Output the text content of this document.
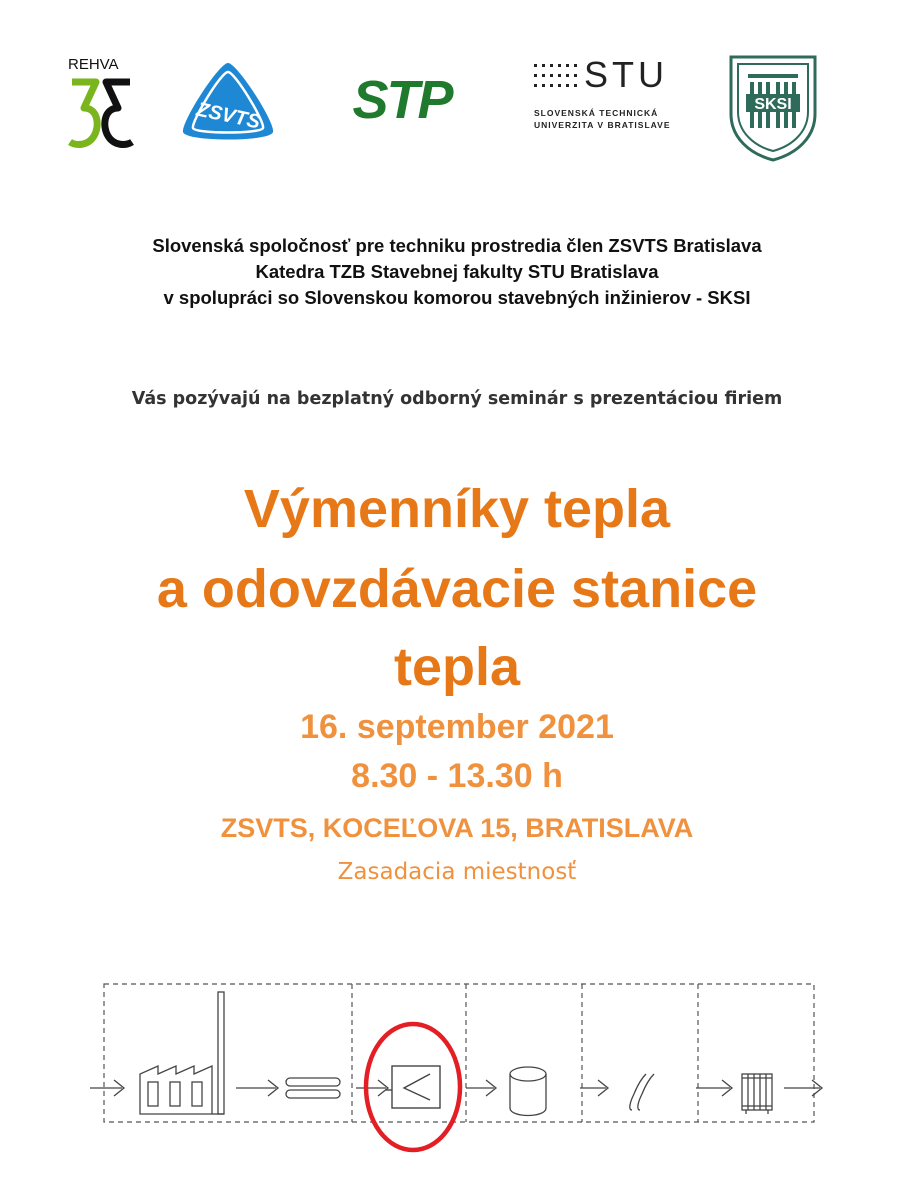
REHVA
ZSVTS STP	STU
SLOVENSKÁ TECHNICKÁ
UNIVERZITA V BRATISLAVE
SKSI
Slovenská spoločnosť pre techniku prostredia člen ZSVTS Bratislava
Katedra TZB Stavebnej fakulty STU Bratislava
v spolupráci so Slovenskou komorou stavebných inžinierov - SKSI
Vás pozývajú na bezplatný odborný seminár s prezentáciou firiem
Výmenníky tepla
a odovzdávacie stanice
tepla
16. september 2021
8.30 - 13.30 h
ZSVTS, KOCEĽOVA 15, BRATISLAVA
Zasadacia miestnosť
